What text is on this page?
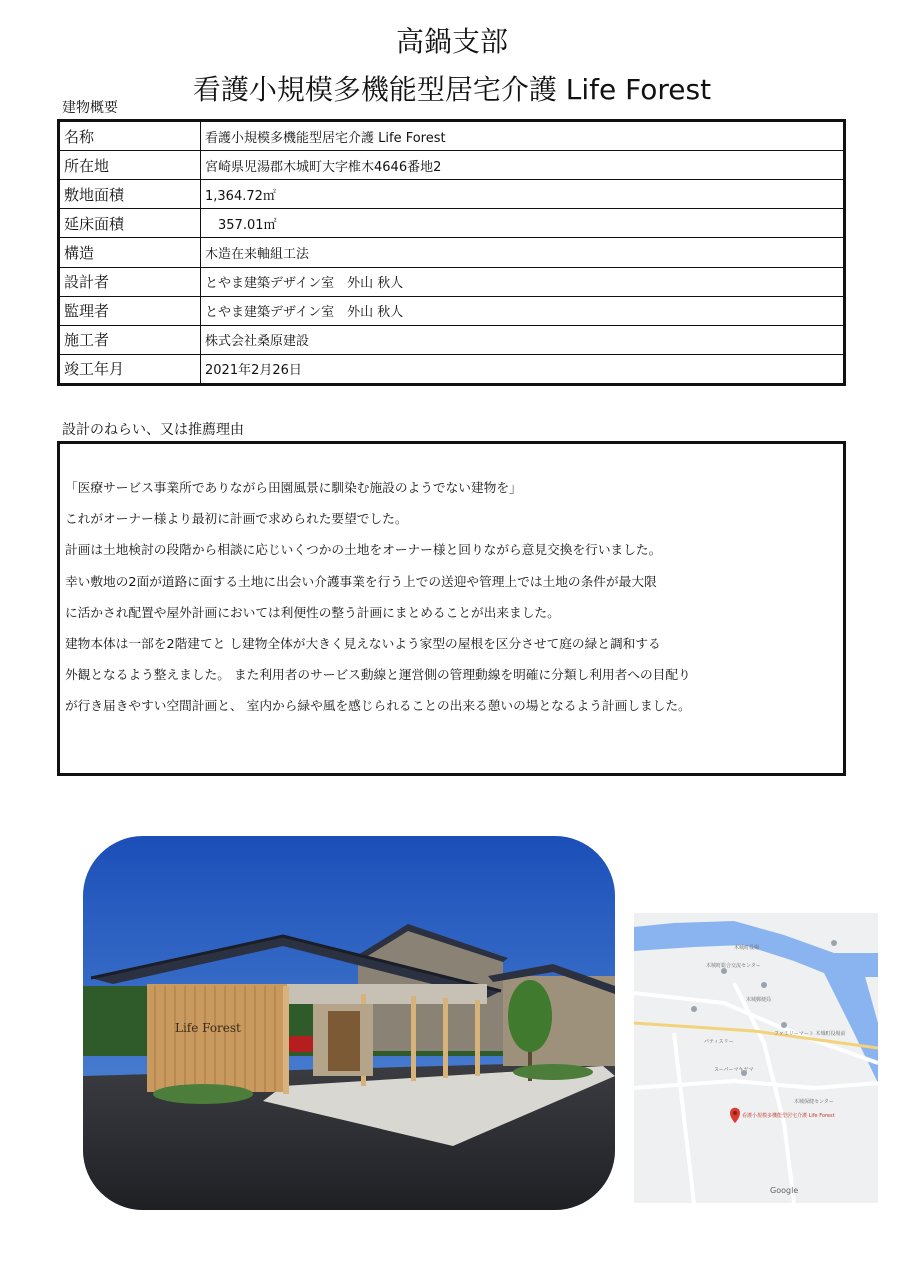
高鍋支部
看護小規模多機能型居宅介護 Life Forest
建物概要
名称	看護小規模多機能型居宅介護 Life Forest
所在地	宮崎県児湯郡木城町大字椎木4646番地2
敷地面積	1,364.72㎡
延床面積	　357.01㎡
構造	木造在来軸組工法
設計者	とやま建築デザイン室　外山 秋人
監理者	とやま建築デザイン室　外山 秋人
施工者	株式会社桑原建設
竣工年月	2021年2月26日
設計のねらい、又は推薦理由
「医療サービス事業所でありながら田園風景に馴染む施設のようでない建物を」
これがオーナー様より最初に計画で求められた要望でした。
計画は土地検討の段階から相談に応じいくつかの土地をオーナー様と回りながら意見交換を行いました。
幸い敷地の2面が道路に面する土地に出会い介護事業を行う上での送迎や管理上では土地の条件が最大限
に活かされ配置や屋外計画においては利便性の整う計画にまとめることが出来ました。
建物本体は一部を2階建てと し建物全体が大きく見えないよう家型の屋根を区分させて庭の緑と調和する
外観となるよう整えました。 また利用者のサービス動線と運営側の管理動線を明確に分類し利用者への目配り
が行き届きやすい空間計画と、 室内から緑や風を感じられることの出来る憩いの場となるよう計画しました。
Life Forest
木城町役場
木城町総合交流センター
木城郵便局
ファミリーマート 木城町役場前
スーパーマキヤマ
パティスリー
木城保健センター
看護小規模多機能型居宅介護 Life Forest
Google
